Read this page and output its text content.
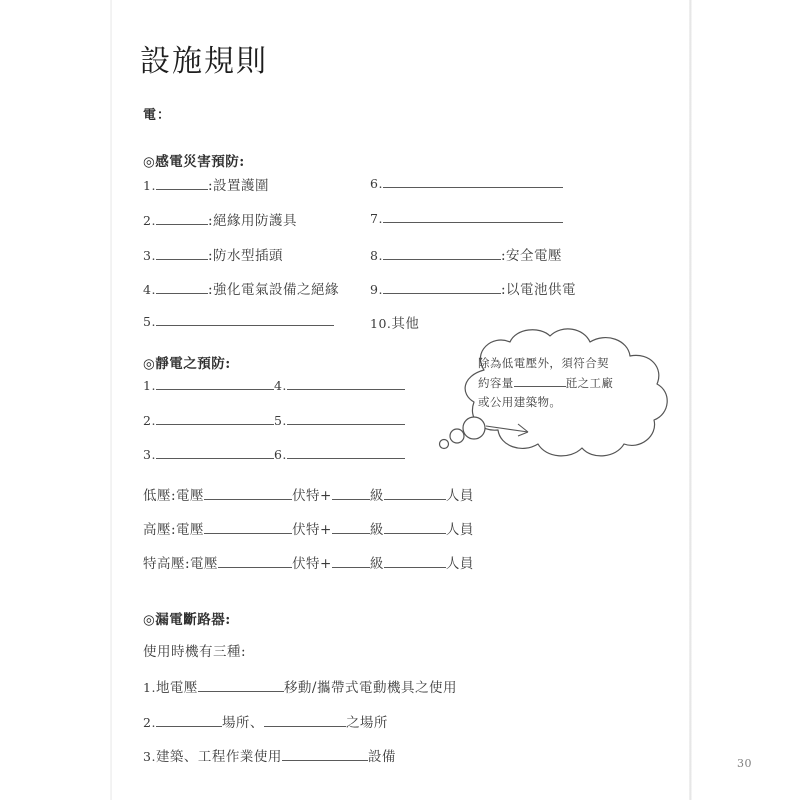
設施規則
電：
◎感電災害預防:
1.	:設置護圍
2.	:絕緣用防護具
3.	:防水型插頭
4.	:強化電氣設備之絕緣
5.
6.
7.
8.	:安全電壓
9.	:以電池供電
10. 其他
◎靜電之預防:
1.	4.
2.	5.
3.	6.
除為低電壓外，須符合契
約容量	瓩之工廠
或公用建築物。
低壓:電壓	伏特+	級	人員
高壓:電壓	伏特+	級	人員
特高壓:電壓	伏特+	級	人員
◎漏電斷路器:
使用時機有三種:
1. 地電壓	移動/攜帶式電動機具之使用
2.	場所、	之場所
3. 建築、工程作業使用	設備	30
